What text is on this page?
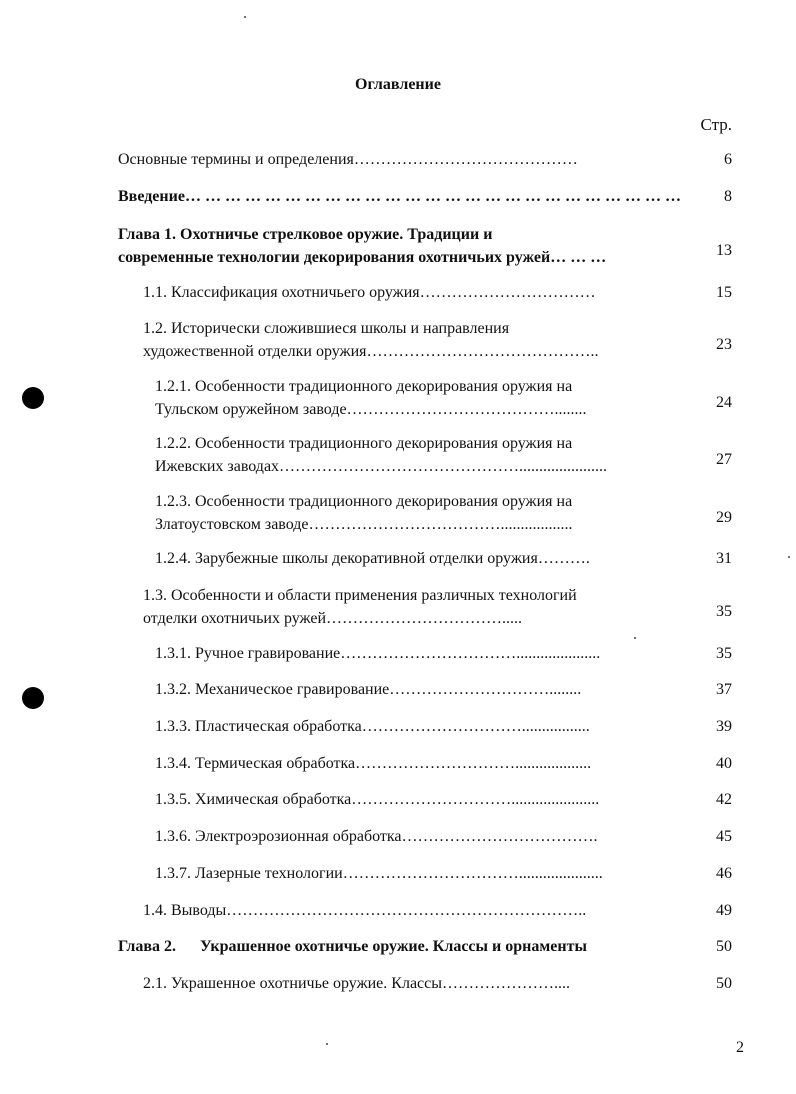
Оглавление
Стр.
Основные термины и определения……………………………………	6
Введение… … … … … … … … … … … … … … … … … … … … … … … … …	8
Глава 1. Охотничье стрелковое оружие. Традиции и
современные технологии декорирования охотничьих ружей… … …	13
1.1. Классификация охотничьего оружия……………………………	15
1.2. Исторически сложившиеся школы и направления
художественной отделки оружия……………………………………..	23
1.2.1. Особенности традиционного декорирования оружия на
Тульском оружейном заводе…………………………………........	24
1.2.2. Особенности традиционного декорирования оружия на
Ижевских заводах………………………………………......................	27
1.2.3. Особенности традиционного декорирования оружия на
Златоустовском заводе………………………………..................	29
1.2.4. Зарубежные школы декоративной отделки оружия……….	31
1.3. Особенности и области применения различных технологий
отделки охотничьих ружей…………………………….....	35
1.3.1. Ручное гравирование…………………………….....................	35
1.3.2. Механическое гравирование…………………………........	37
1.3.3. Пластическая обработка………………………….................	39
1.3.4. Термическая обработка…………………………...................	40
1.3.5. Химическая обработка…………………………......................	42
1.3.6. Электроэрозионная обработка……………………………….	45
1.3.7. Лазерные технологии…………………………….....................	46
1.4. Выводы…………………………………………………………..	49
Глава 2.      Украшенное охотничье оружие. Классы и орнаменты	50
2.1. Украшенное охотничье оружие. Классы…………………....	50
2
